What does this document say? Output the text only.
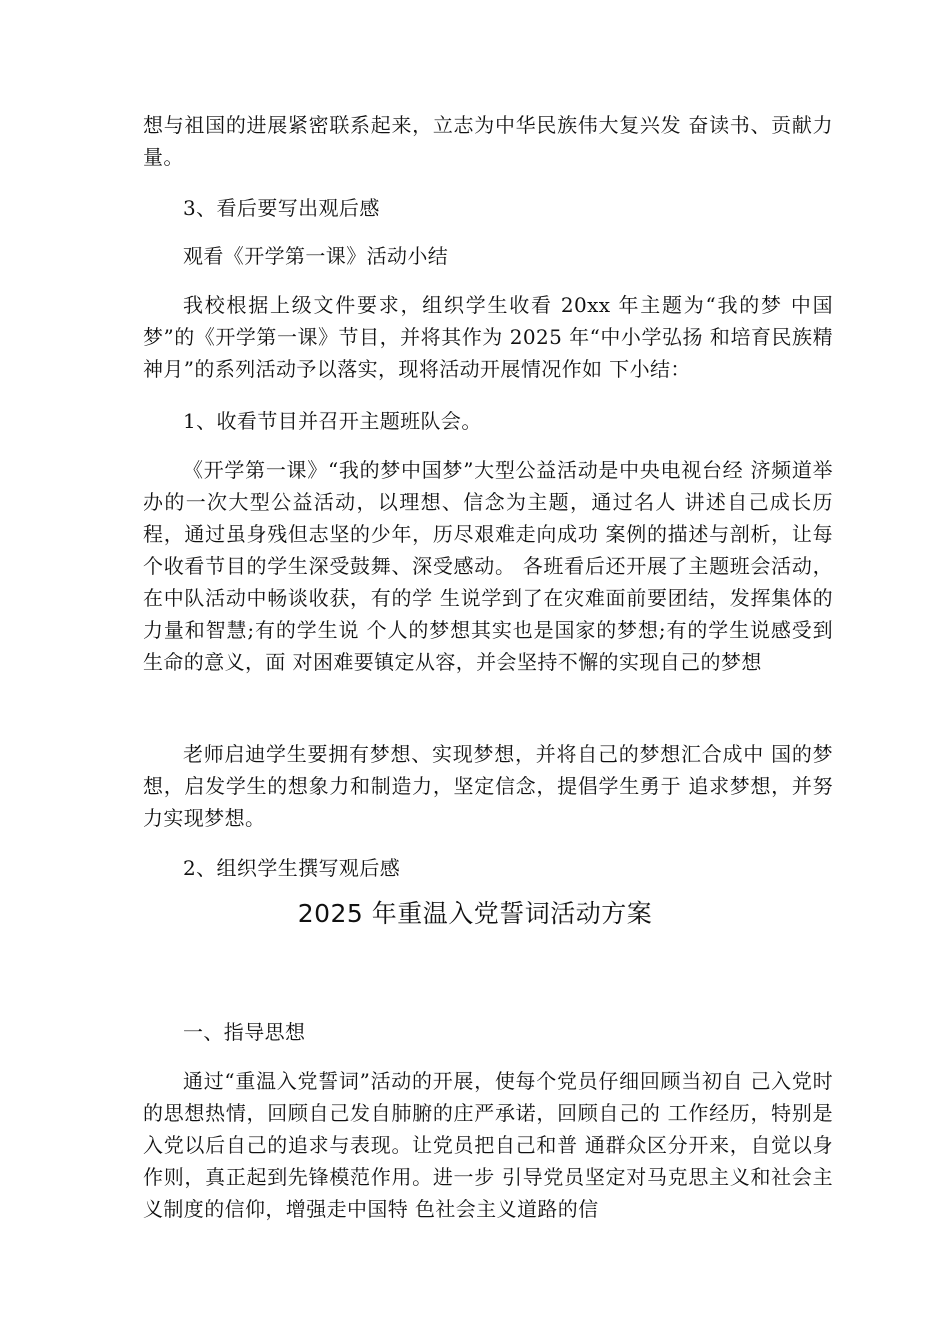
想与祖国的进展紧密联系起来，立志为中华民族伟大复兴发 奋读书、贡献力量。

3、看后要写出观后感

观看《开学第一课》活动小结

我校根据上级文件要求，组织学生收看 20xx 年主题为“我的梦 中国梦”的《开学第一课》节目，并将其作为 2025 年“中小学弘扬 和培育民族精神月”的系列活动予以落实，现将活动开展情况作如 下小结：

1、收看节目并召开主题班队会。

《开学第一课》“我的梦中国梦”大型公益活动是中央电视台经 济频道举办的一次大型公益活动，以理想、信念为主题，通过名人 讲述自己成长历程，通过虽身残但志坚的少年，历尽艰难走向成功 案例的描述与剖析，让每个收看节目的学生深受鼓舞、深受感动。 各班看后还开展了主题班会活动，在中队活动中畅谈收获，有的学 生说学到了在灾难面前要团结，发挥集体的力量和智慧;有的学生说 个人的梦想其实也是国家的梦想;有的学生说感受到生命的意义，面 对困难要镇定从容，并会坚持不懈的实现自己的梦想

老师启迪学生要拥有梦想、实现梦想，并将自己的梦想汇合成中 国的梦想，启发学生的想象力和制造力，坚定信念，提倡学生勇于 追求梦想，并努力实现梦想。

2、组织学生撰写观后感

2025 年重温入党誓词活动方案

一、指导思想

通过“重温入党誓词”活动的开展，使每个党员仔细回顾当初自 己入党时的思想热情，回顾自己发自肺腑的庄严承诺，回顾自己的 工作经历，特别是入党以后自己的追求与表现。让党员把自己和普 通群众区分开来，自觉以身作则，真正起到先锋模范作用。进一步 引导党员坚定对马克思主义和社会主义制度的信仰，增强走中国特 色社会主义道路的信
